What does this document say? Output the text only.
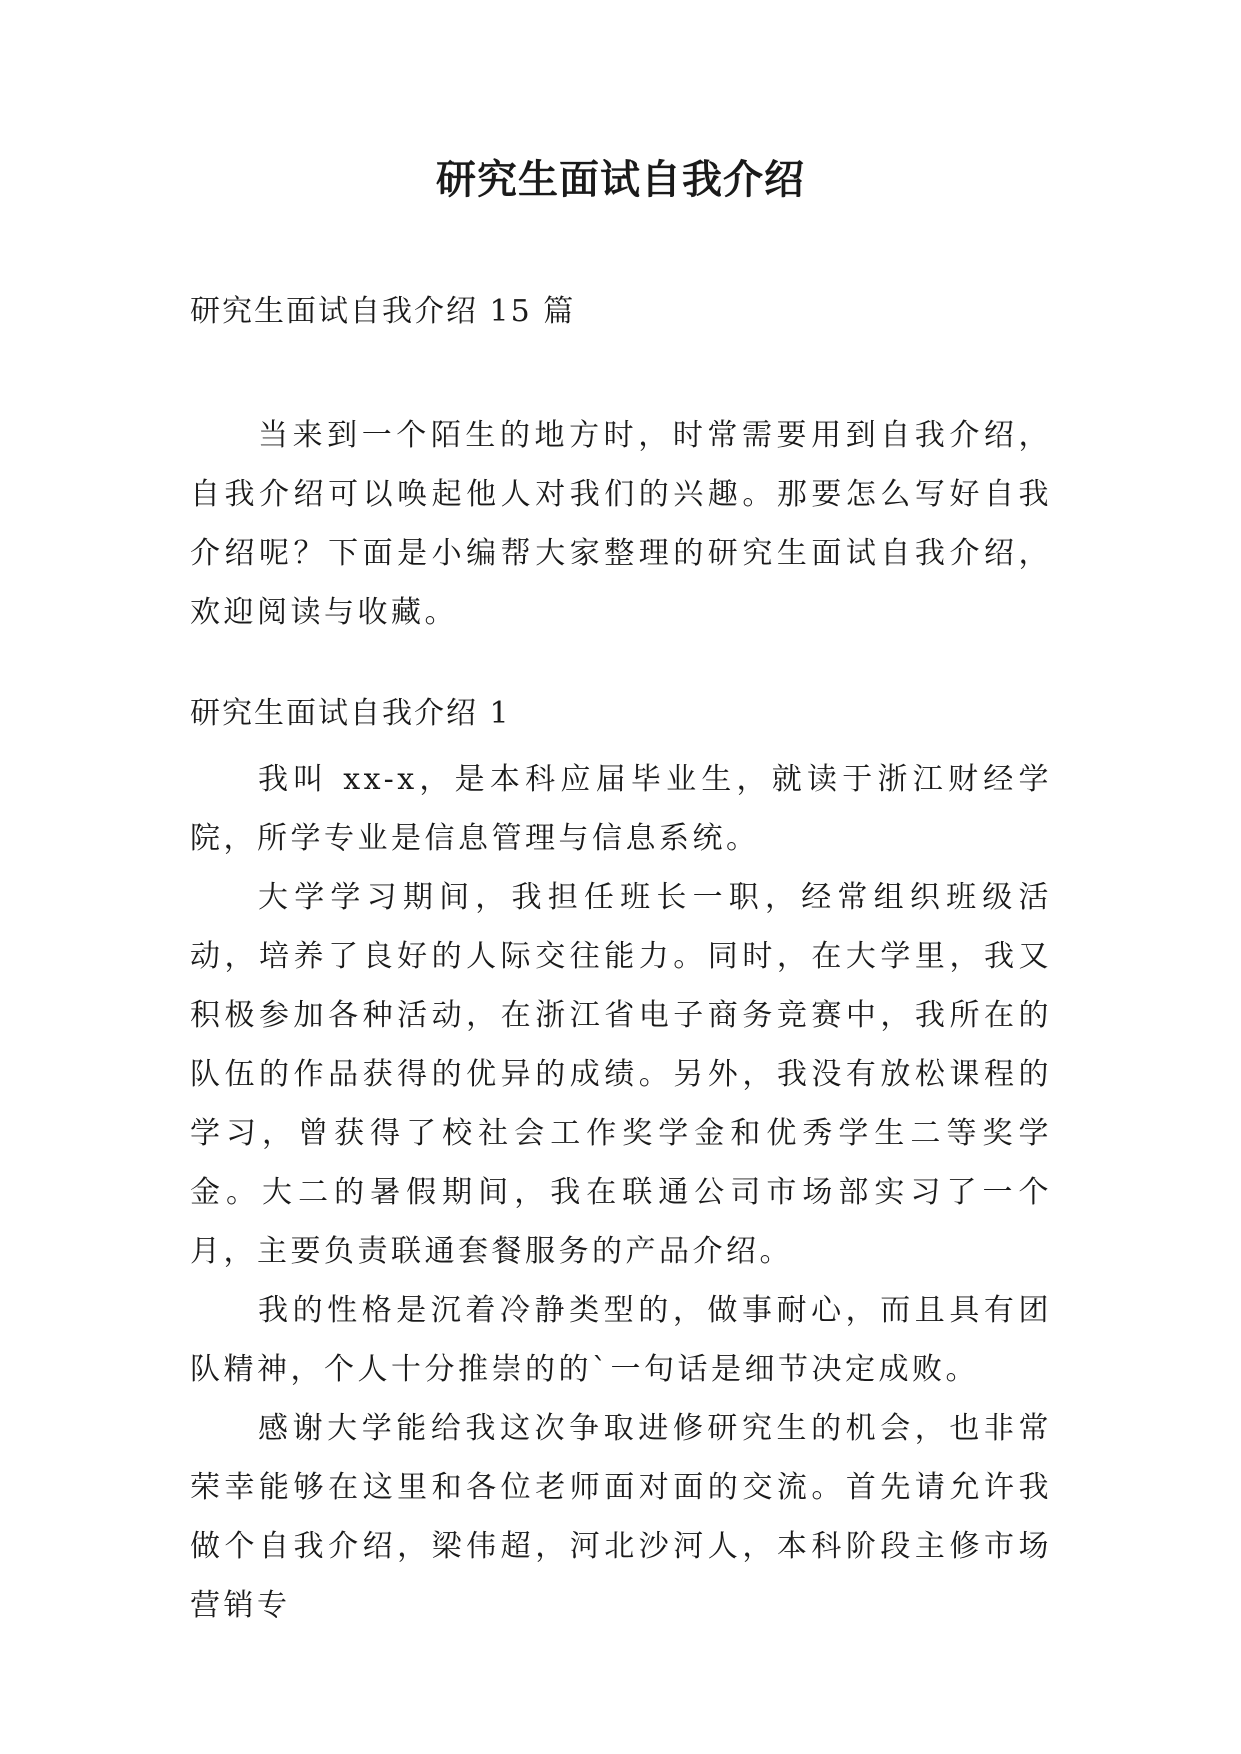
研究生面试自我介绍

研究生面试自我介绍 15 篇

当来到一个陌生的地方时，时常需要用到自我介绍，自我介绍可以唤起他人对我们的兴趣。那要怎么写好自我介绍呢？下面是小编帮大家整理的研究生面试自我介绍，欢迎阅读与收藏。

研究生面试自我介绍 1

我叫 xx-x，是本科应届毕业生，就读于浙江财经学院，所学专业是信息管理与信息系统。

大学学习期间，我担任班长一职，经常组织班级活动，培养了良好的人际交往能力。同时，在大学里，我又积极参加各种活动，在浙江省电子商务竞赛中，我所在的队伍的作品获得的优异的成绩。另外，我没有放松课程的学习，曾获得了校社会工作奖学金和优秀学生二等奖学金。大二的暑假期间，我在联通公司市场部实习了一个月，主要负责联通套餐服务的产品介绍。

我的性格是沉着冷静类型的，做事耐心，而且具有团队精神，个人十分推崇的的`一句话是细节决定成败。

感谢大学能给我这次争取进修研究生的机会，也非常荣幸能够在这里和各位老师面对面的交流。首先请允许我做个自我介绍，梁伟超，河北沙河人，本科阶段主修市场营销专
